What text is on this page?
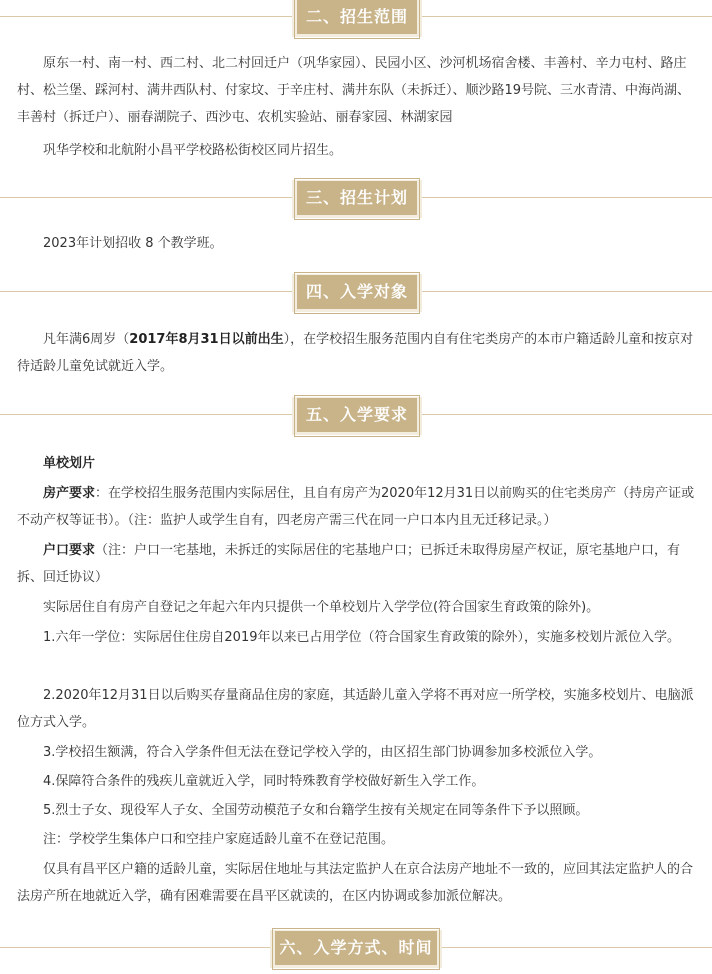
二、招生范围

原东一村、南一村、西二村、北二村回迁户（巩华家园）、民园小区、沙河机场宿舍楼、丰善村、辛力屯村、路庄村、松兰堡、踩河村、满井西队村、付家坟、于辛庄村、满井东队（未拆迁）、顺沙路19号院、三水青清、中海尚湖、丰善村（拆迁户）、丽春湖院子、西沙屯、农机实验站、丽春家园、林湖家园

巩华学校和北航附小昌平学校路松街校区同片招生。

三、招生计划

2023年计划招收 8 个教学班。

四、入学对象

凡年满6周岁（2017年8月31日以前出生），在学校招生服务范围内自有住宅类房产的本市户籍适龄儿童和按京对待适龄儿童免试就近入学。

五、入学要求

单校划片

房产要求：在学校招生服务范围内实际居住，且自有房产为2020年12月31日以前购买的住宅类房产（持房产证或不动产权等证书）。（注：监护人或学生自有，四老房产需三代在同一户口本内且无迁移记录。）

户口要求（注：户口一宅基地，未拆迁的实际居住的宅基地户口；已拆迁未取得房屋产权证，原宅基地户口，有拆、回迁协议）

实际居住自有房产自登记之年起六年内只提供一个单校划片入学学位(符合国家生育政策的除外)。

1.六年一学位：实际居住住房自2019年以来已占用学位（符合国家生育政策的除外），实施多校划片派位入学。

2.2020年12月31日以后购买存量商品住房的家庭，其适龄儿童入学将不再对应一所学校，实施多校划片、电脑派位方式入学。

3.学校招生额满，符合入学条件但无法在登记学校入学的，由区招生部门协调参加多校派位入学。

4.保障符合条件的残疾儿童就近入学，同时特殊教育学校做好新生入学工作。

5.烈士子女、现役军人子女、全国劳动模范子女和台籍学生按有关规定在同等条件下予以照顾。

注：学校学生集体户口和空挂户家庭适龄儿童不在登记范围。

仅具有昌平区户籍的适龄儿童，实际居住地址与其法定监护人在京合法房产地址不一致的，应回其法定监护人的合法房产所在地就近入学，确有困难需要在昌平区就读的，在区内协调或参加派位解决。

六、入学方式、时间
